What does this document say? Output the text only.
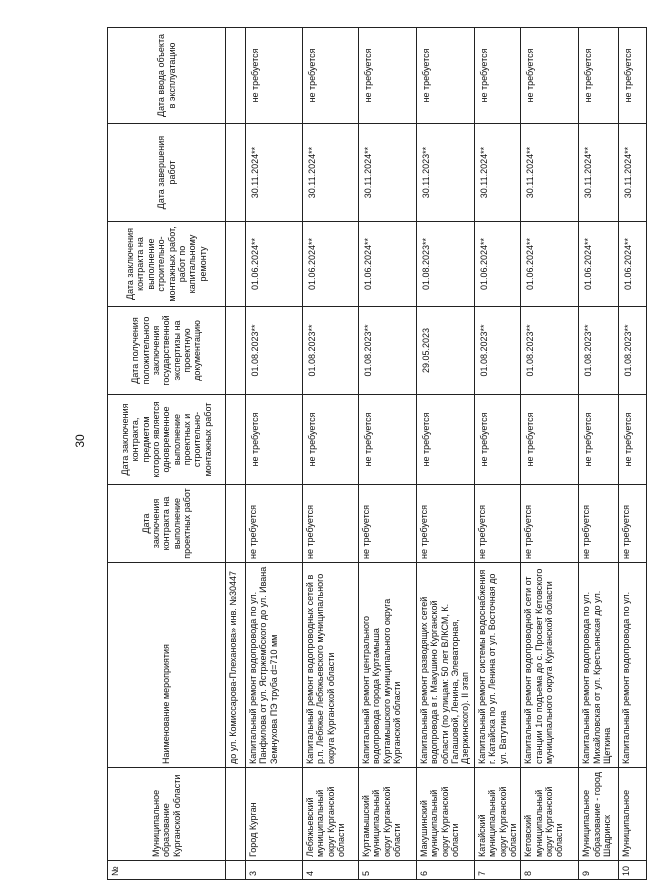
30
№	Муниципальное образование Курганской области	Наименование мероприятия	Дата заключения контракта на выполнение проектных работ	Дата заключения контракта, предметом которого является одновременное выполнение проектных и строительно-монтажных работ	Дата получения положительного заключения государственной экспертизы на проектную документацию	Дата заключения контракта на выполнение строительно-монтажных работ, работ по капитальному ремонту	Дата завершения работ	Дата ввода объекта в эксплуатацию
		до ул. Комиссарова-Плеханова» инв. №30447						
3	Город Курган	Капитальный ремонт водопровода по ул. Панфилова от ул. Ястржембского до ул. Ивана Земнухова ПЭ труба d=710 мм	не требуется	не требуется	01.08.2023**	01.06.2024**	30.11.2024**	не требуется
4	Лебяжьевский муниципальный округ Курганской области	Капитальный ремонт водопроводных сетей в р.п. Лебяжье Лебяжьевского муниципального округа Курганской области	не требуется	не требуется	01.08.2023**	01.06.2024**	30.11.2024**	не требуется
5	Куртамышский муниципальный округ Курганской области	Капитальный ремонт центрального водопровода города Куртамыша Куртамышского муниципального округа Курганской области	не требуется	не требуется	01.08.2023**	01.06.2024**	30.11.2024**	не требуется
6	Макушинский муниципальный округ Курганской области	Капитальный ремонт разводящих сетей водопровода в г. Макушино Курганской области (по улицам: 50 лет ВЛКСМ, К. Галашовой, Ленина, Элеваторная, Дзержинского). II этап	не требуется	не требуется	29.05.2023	01.08.2023**	30.11.2023**	не требуется
7	Катайский муниципальный округ Курганской области	Капитальный ремонт системы водоснабжения г. Катайска по ул. Ленина от ул. Восточная до ул. Ватутина	не требуется	не требуется	01.08.2023**	01.06.2024**	30.11.2024**	не требуется
8	Кетовский муниципальный округ Курганской области	Капитальный ремонт водопроводной сети от станции 1го подъема до с. Просвет Кетовского муниципального округа Курганской области	не требуется	не требуется	01.08.2023**	01.06.2024**	30.11.2024**	не требуется
9	Муниципальное образование - город Шадринск	Капитальный ремонт водопровода по ул. Михайловская от ул. Крестьянская до ул. Щеткина	не требуется	не требуется	01.08.2023**	01.06.2024**	30.11.2024**	не требуется
10	Муниципальное	Капитальный ремонт водопровода по ул.	не требуется	не требуется	01.08.2023**	01.06.2024**	30.11.2024**	не требуется
